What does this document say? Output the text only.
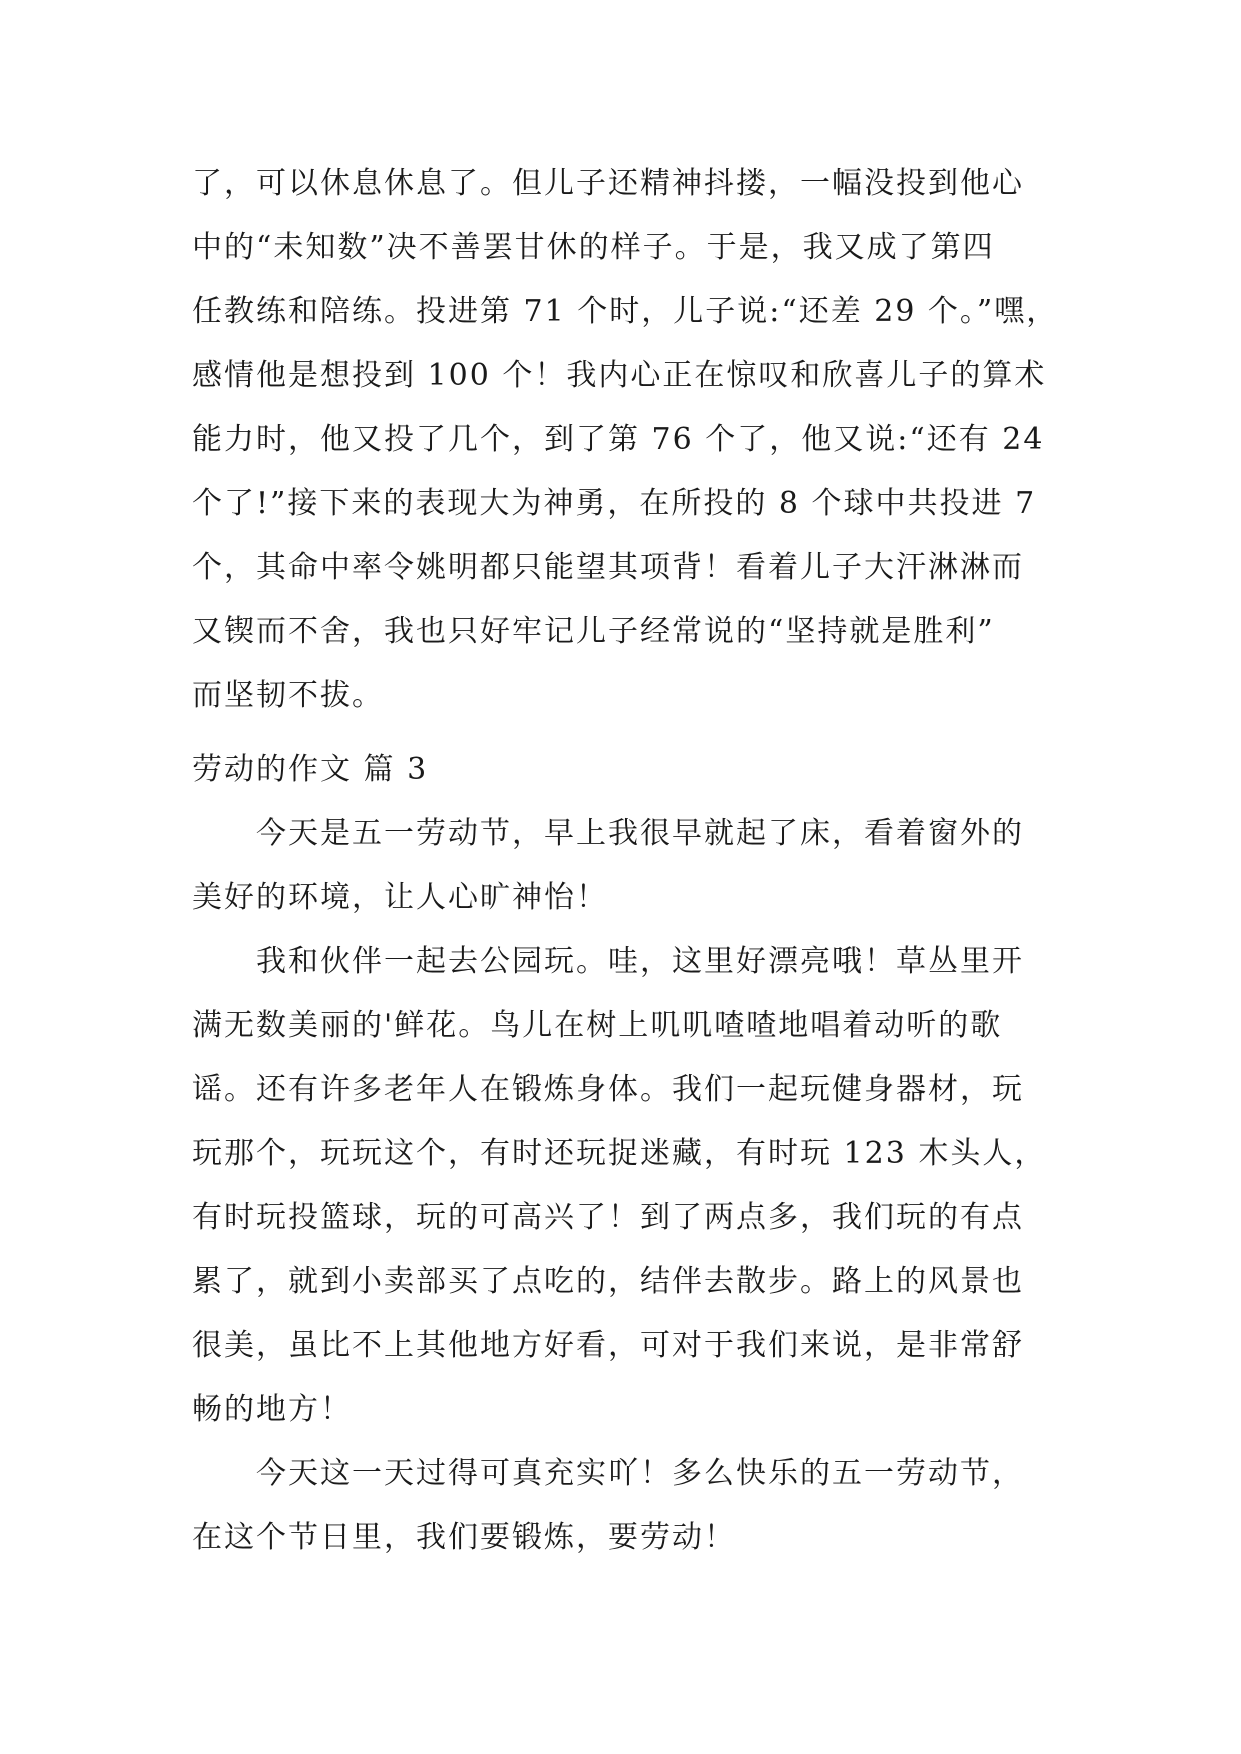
了，可以休息休息了。但儿子还精神抖搂，一幅没投到他心
中的“未知数”决不善罢甘休的样子。于是，我又成了第四
任教练和陪练。投进第 71 个时，儿子说:“还差 29 个。”嘿，
感情他是想投到 100 个！我内心正在惊叹和欣喜儿子的算术
能力时，他又投了几个，到了第 76 个了，他又说:“还有 24
个了!”接下来的表现大为神勇，在所投的 8 个球中共投进 7
个，其命中率令姚明都只能望其项背！看着儿子大汗淋淋而
又锲而不舍，我也只好牢记儿子经常说的“坚持就是胜利”
而坚韧不拔。
劳动的作文 篇 3
今天是五一劳动节，早上我很早就起了床，看着窗外的
美好的环境，让人心旷神怡！
我和伙伴一起去公园玩。哇，这里好漂亮哦！草丛里开
满无数美丽的'鲜花。鸟儿在树上叽叽喳喳地唱着动听的歌
谣。还有许多老年人在锻炼身体。我们一起玩健身器材，玩
玩那个，玩玩这个，有时还玩捉迷藏，有时玩 123 木头人，
有时玩投篮球，玩的可高兴了！到了两点多，我们玩的有点
累了，就到小卖部买了点吃的，结伴去散步。路上的风景也
很美，虽比不上其他地方好看，可对于我们来说，是非常舒
畅的地方！
今天这一天过得可真充实吖！多么快乐的五一劳动节，
在这个节日里，我们要锻炼，要劳动！
